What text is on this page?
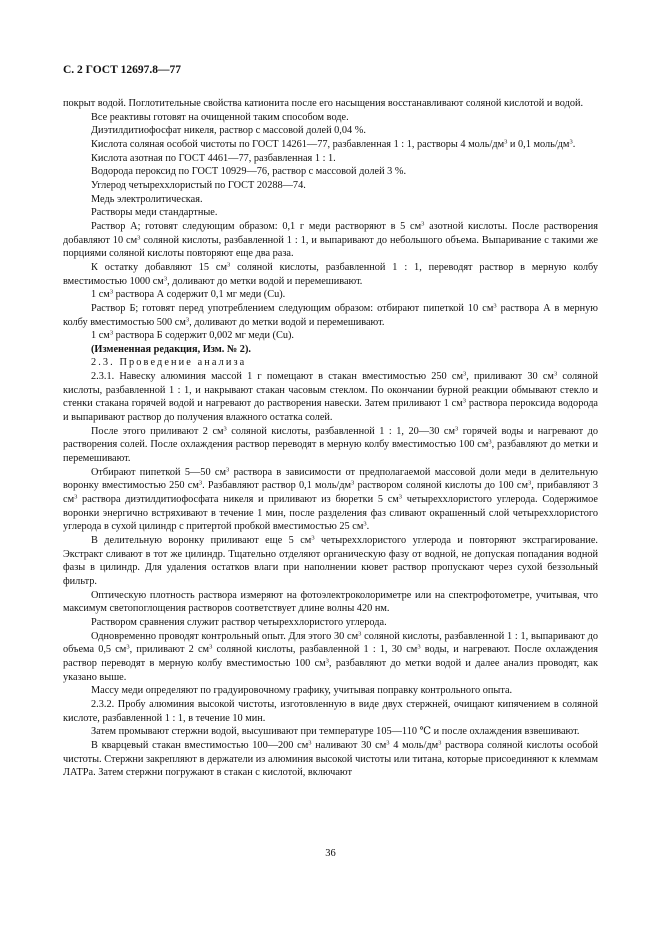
С. 2 ГОСТ 12697.8—77

покрыт водой. Поглотительные свойства катионита после его насыщения восстанавливают соляной кислотой и водой.

Все реактивы готовят на очищенной таким способом воде.

Диэтилдитиофосфат никеля, раствор с массовой долей 0,04 %.

Кислота соляная особой чистоты по ГОСТ 14261—77, разбавленная 1 : 1, растворы 4 моль/$дм^3$ и 0,1 моль/$дм^3$.

Кислота азотная по ГОСТ 4461—77, разбавленная 1 : 1.

Водорода пероксид по ГОСТ 10929—76, раствор с массовой долей 3 %.

Углерод четыреххлористый по ГОСТ 20288—74.

Медь электролитическая.

Растворы меди стандартные.

Раствор А; готовят следующим образом: 0,1 г меди растворяют в 5 $см^3$ азотной кислоты. После растворения добавляют 10 $см^3$ соляной кислоты, разбавленной 1 : 1, и выпаривают до небольшого объема. Выпаривание с такими же порциями соляной кислоты повторяют еще два раза.

К остатку добавляют 15 $см^3$ соляной кислоты, разбавленной 1 : 1, переводят раствор в мерную колбу вместимостью 1000 $см^3$, доливают до метки водой и перемешивают.

1 $см^3$ раствора А содержит 0,1 мг меди (Cu).

Раствор Б; готовят перед употреблением следующим образом: отбирают пипеткой 10 $см^3$ раствора А в мерную колбу вместимостью 500 $см^3$, доливают до метки водой и перемешивают.

1 $см^3$ раствора Б содержит 0,002 мг меди (Cu).

(Измененная редакция, Изм. № 2).

2.3. Проведение анализа

2.3.1. Навеску алюминия массой 1 г помещают в стакан вместимостью 250 $см^3$, приливают 30 $см^3$ соляной кислоты, разбавленной 1 : 1, и накрывают стакан часовым стеклом. По окончании бурной реакции обмывают стекло и стенки стакана горячей водой и нагревают до растворения навески. Затем приливают 1 $см^3$ раствора пероксида водорода и выпаривают раствор до получения влажного остатка солей.

После этого приливают 2 $см^3$ соляной кислоты, разбавленной 1 : 1, 20—30 $см^3$ горячей воды и нагревают до растворения солей. После охлаждения раствор переводят в мерную колбу вместимостью 100 $см^3$, разбавляют до метки и перемешивают.

Отбирают пипеткой 5—50 $см^3$ раствора в зависимости от предполагаемой массовой доли меди в делительную воронку вместимостью 250 $см^3$. Разбавляют раствор 0,1 моль/$дм^3$ раствором соляной кислоты до 100 $см^3$, прибавляют 3 $см^3$ раствора диэтилдитиофосфата никеля и приливают из бюретки 5 $см^3$ четыреххлористого углерода. Содержимое воронки энергично встряхивают в течение 1 мин, после разделения фаз сливают окрашенный слой четыреххлористого углерода в сухой цилиндр с притертой пробкой вместимостью 25 $см^3$.

В делительную воронку приливают еще 5 $см^3$ четыреххлористого углерода и повторяют экстрагирование. Экстракт сливают в тот же цилиндр. Тщательно отделяют органическую фазу от водной, не допуская попадания водной фазы в цилиндр. Для удаления остатков влаги при наполнении кювет раствор пропускают через сухой беззольный фильтр.

Оптическую плотность раствора измеряют на фотоэлектроколориметре или на спектрофотометре, учитывая, что максимум светопоглощения растворов соответствует длине волны 420 нм.

Раствором сравнения служит раствор четыреххлористого углерода.

Одновременно проводят контрольный опыт. Для этого 30 $см^3$ соляной кислоты, разбавленной 1 : 1, выпаривают до объема 0,5 $см^3$, приливают 2 $см^3$ соляной кислоты, разбавленной 1 : 1, 30 $см^3$ воды, и нагревают. После охлаждения раствор переводят в мерную колбу вместимостью 100 $см^3$, разбавляют до метки водой и далее анализ проводят, как указано выше.

Массу меди определяют по градуировочному графику, учитывая поправку контрольного опыта.

2.3.2. Пробу алюминия высокой чистоты, изготовленную в виде двух стержней, очищают кипячением в соляной кислоте, разбавленной 1 : 1, в течение 10 мин.

Затем промывают стержни водой, высушивают при температуре 105—110 ℃ и после охлаждения взвешивают.

В кварцевый стакан вместимостью 100—200 $см^3$ наливают 30 $см^3$ 4 моль/$дм^3$ раствора соляной кислоты особой чистоты. Стержни закрепляют в держатели из алюминия высокой чистоты или титана, которые присоединяют к клеммам ЛАТРа. Затем стержни погружают в стакан с кислотой, включают

36
